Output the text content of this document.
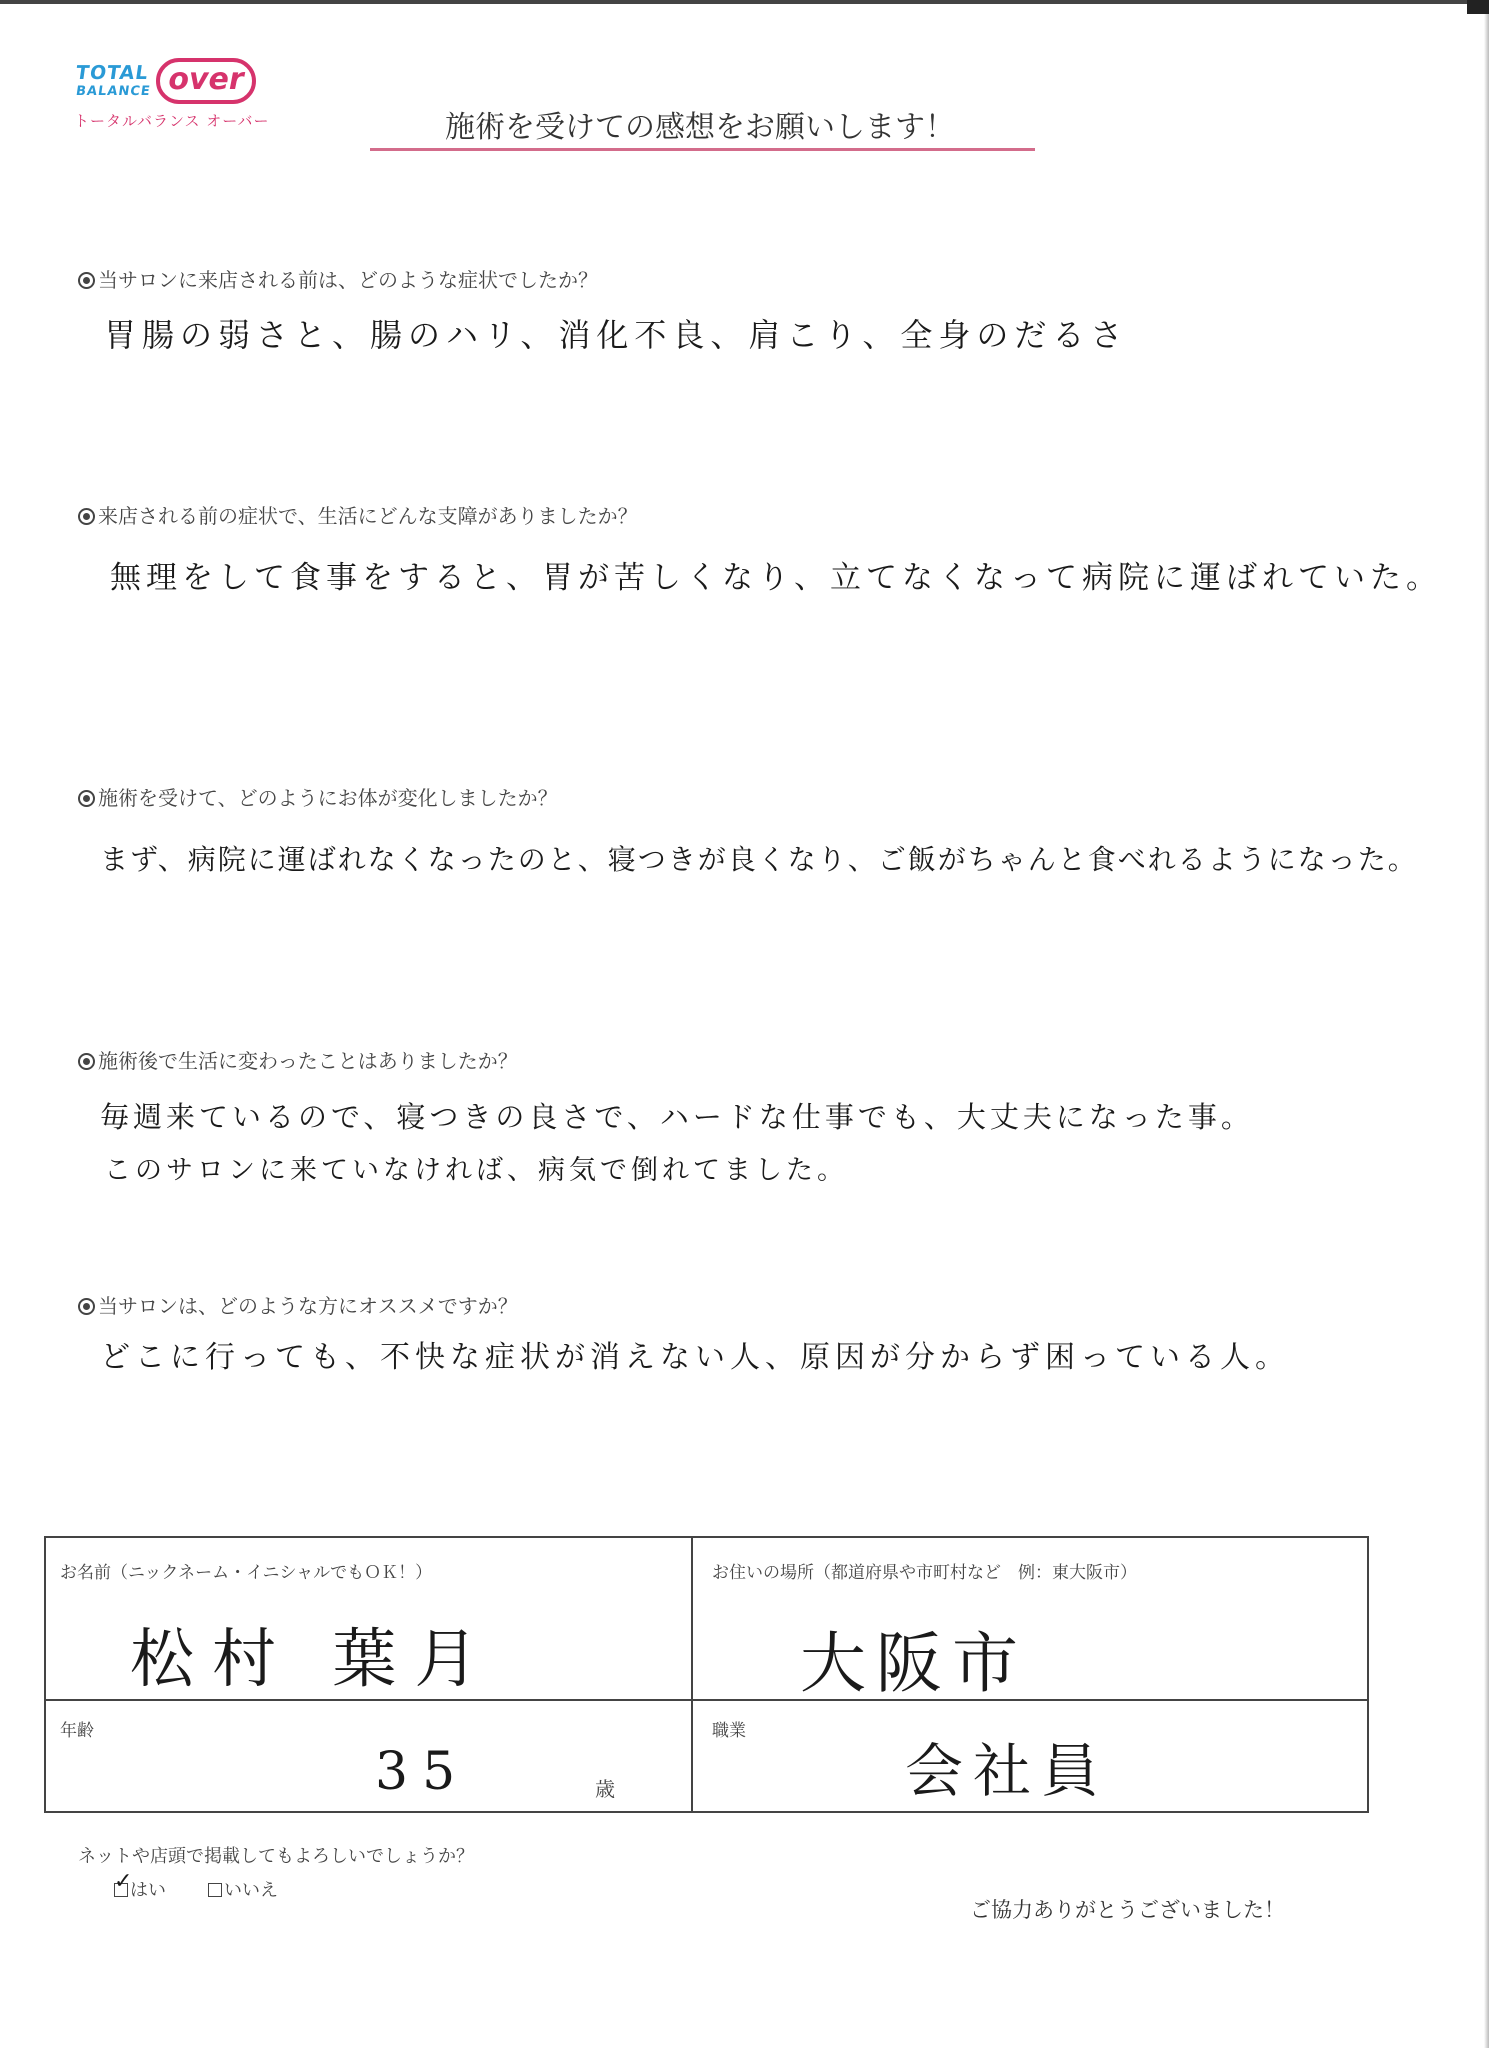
TOTAL
BALANCE over
トータルバランス オーバー	施術を受けての感想をお願いします！
当サロンに来店される前は、どのような症状でしたか？
胃腸の弱さと、腸のハリ、消化不良、肩こり、全身のだるさ
来店される前の症状で、生活にどんな支障がありましたか？
無理をして食事をすると、胃が苦しくなり、立てなくなって病院に運ばれていた。
施術を受けて、どのようにお体が変化しましたか？
まず、病院に運ばれなくなったのと、寝つきが良くなり、ご飯がちゃんと食べれるようになった。
施術後で生活に変わったことはありましたか？
毎週来ているので、寝つきの良さで、ハードな仕事でも、大丈夫になった事。
このサロンに来ていなければ、病気で倒れてました。
当サロンは、どのような方にオススメですか？
どこに行っても、不快な症状が消えない人、原因が分からず困っている人。
お名前（ニックネーム・イニシャルでもＯＫ！）
松村 葉月
お住いの場所（都道府県や市町村など　例：東大阪市）
大阪市
年齢
35	歳
職業
会社員
ネットや店頭で掲載してもよろしいでしょうか？
✓はい	いいえ
ご協力ありがとうございました！
